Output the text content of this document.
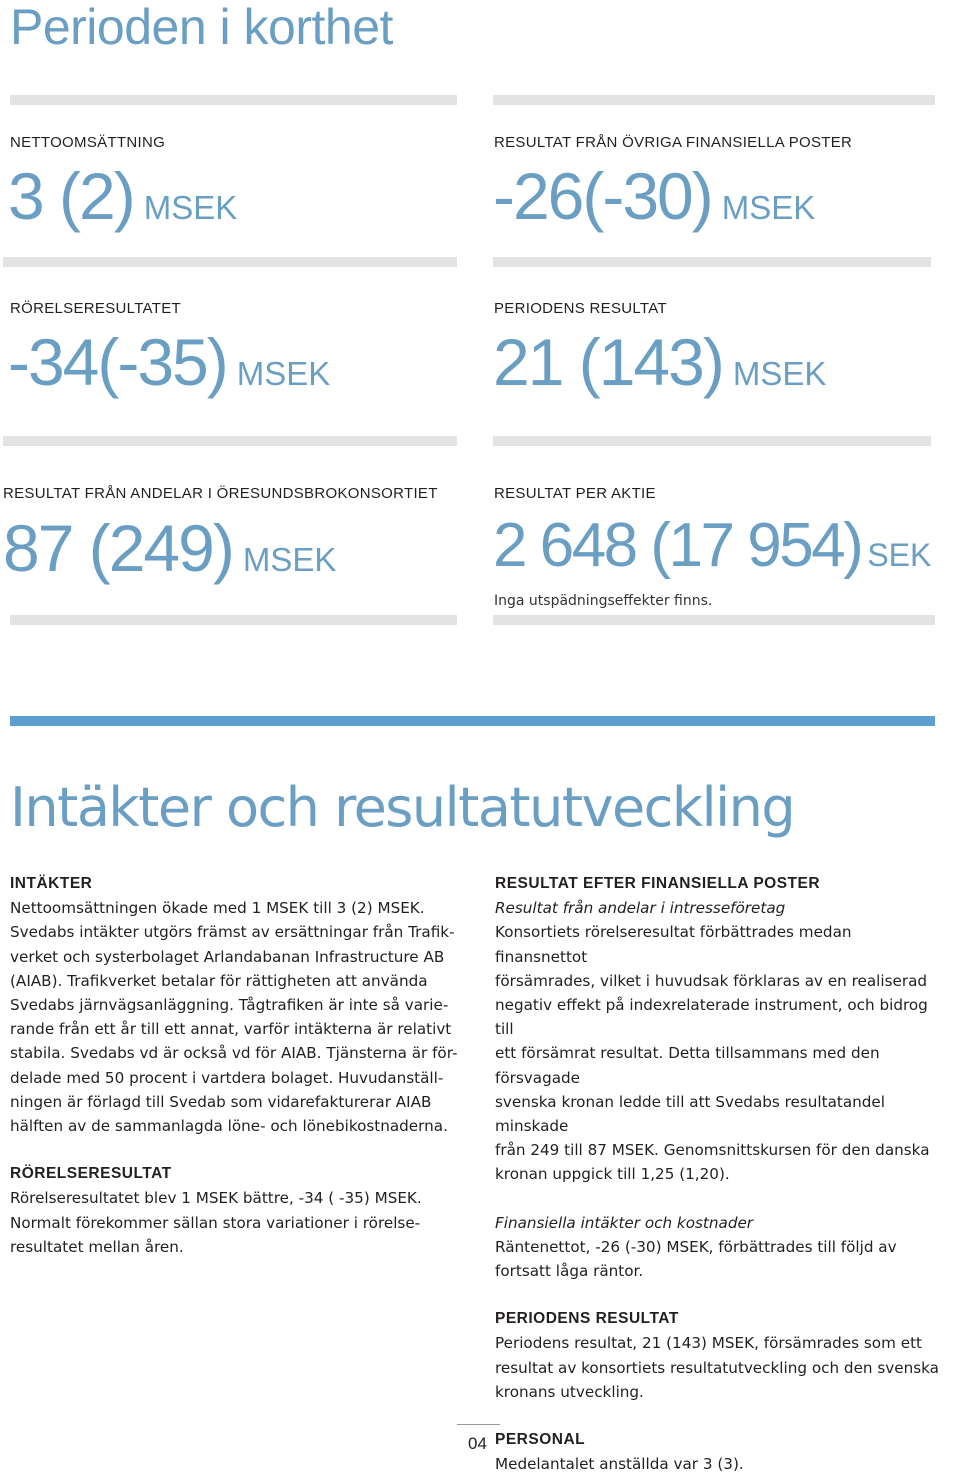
Perioden i korthet
NETTOOMSÄTTNING
3 (2) MSEK
RESULTAT FRÅN ÖVRIGA FINANSIELLA POSTER
-26(-30) MSEK
RÖRELSERESULTATET
-34(-35) MSEK
PERIODENS RESULTAT
21 (143) MSEK
RESULTAT FRÅN ANDELAR I ÖRESUNDSBROKONSORTIET
87 (249) MSEK
RESULTAT PER AKTIE
2 648 (17 954) SEK
Inga utspädningseffekter finns.
Intäkter och resultatutveckling
INTÄKTER

Nettoomsättningen ökade med 1 MSEK till 3 (2) MSEK.

Svedabs intäkter utgörs främst av ersättningar från Trafik-

verket och systerbolaget Arlandabanan Infrastructure AB

(AIAB). Trafikverket betalar för rättigheten att använda

Svedabs järnvägsanläggning. Tågtrafiken är inte så varie-

rande från ett år till ett annat, varför intäkterna är relativt

stabila. Svedabs vd är också vd för AIAB. Tjänsterna är för-

delade med 50 procent i vartdera bolaget. Huvudanställ-

ningen är förlagd till Svedab som vidarefakturerar AIAB

hälften av de sammanlagda löne- och lönebikostnaderna.

RÖRELSERESULTAT

Rörelseresultatet blev 1 MSEK bättre, -34 ( -35) MSEK.

Normalt förekommer sällan stora variationer i rörelse-

resultatet mellan åren.

RESULTAT EFTER FINANSIELLA POSTER

Resultat från andelar i intresseföretag

Konsortiets rörelseresultat förbättrades medan finansnettot

försämrades, vilket i huvudsak förklaras av en realiserad

negativ effekt på indexrelaterade instrument, och bidrog till

ett försämrat resultat. Detta tillsammans med den försvagade

svenska kronan ledde till att Svedabs resultatandel minskade

från 249 till 87 MSEK. Genomsnittskursen för den danska

kronan uppgick till 1,25 (1,20).

Finansiella intäkter och kostnader

Räntenettot, -26 (-30) MSEK, förbättrades till följd av

fortsatt låga räntor.

PERIODENS RESULTAT

Periodens resultat, 21 (143) MSEK, försämrades som ett

resultat av konsortiets resultatutveckling och den svenska

kronans utveckling.

PERSONAL

Medelantalet anställda var 3 (3).

04
